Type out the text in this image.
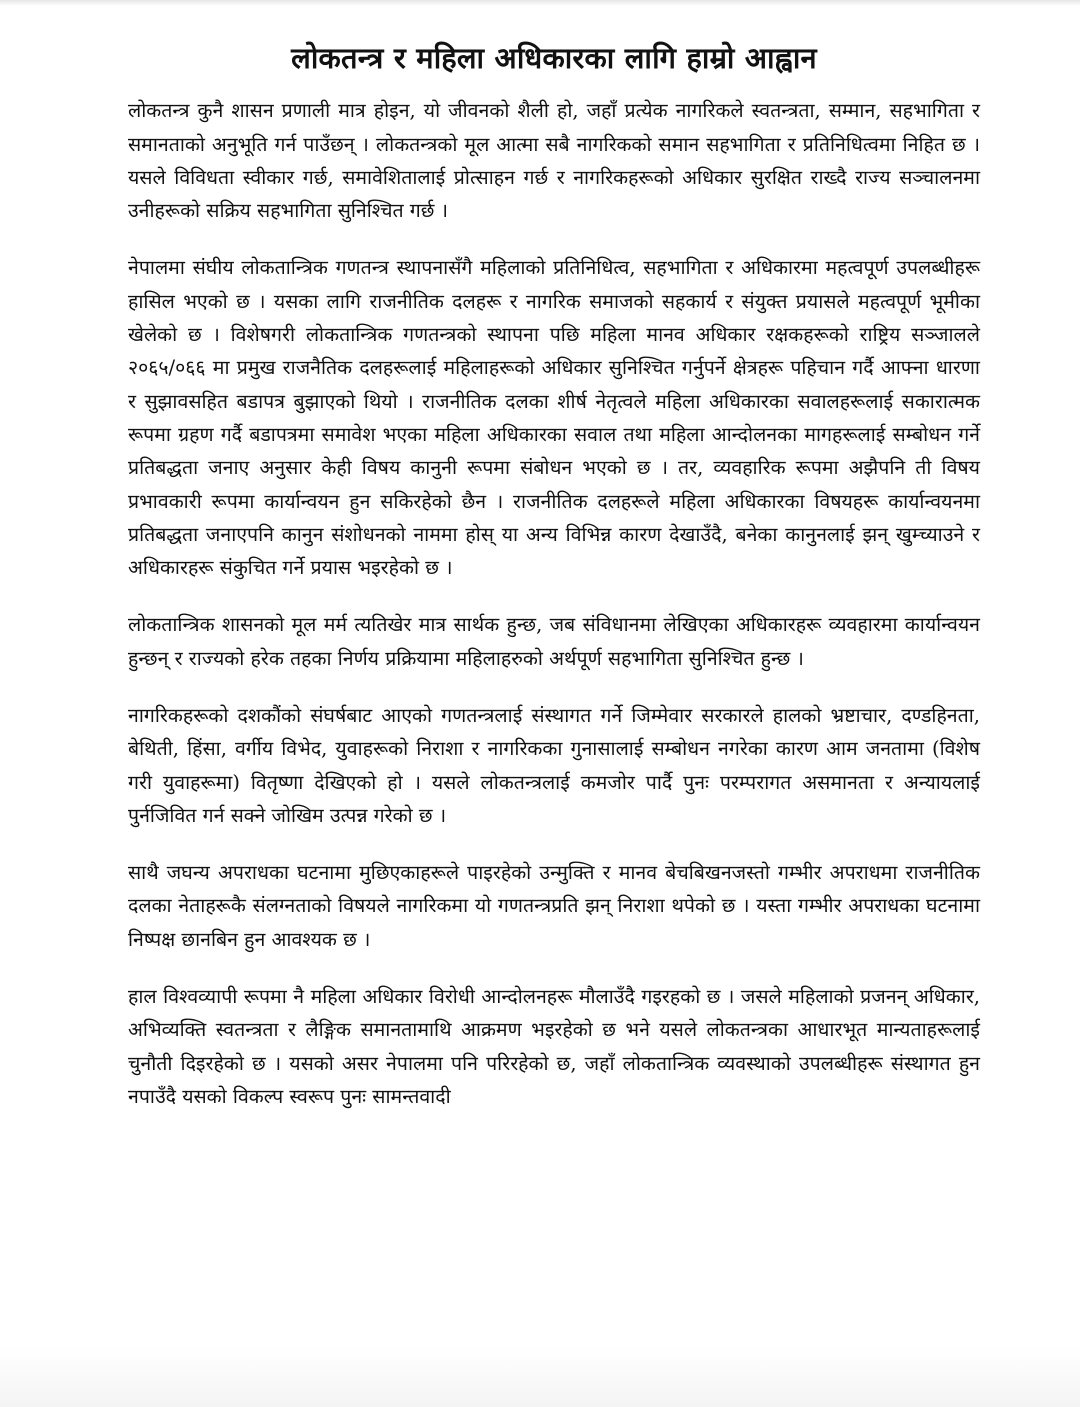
लोकतन्त्र र महिला अधिकारका लागि हाम्रो आह्वान

लोकतन्त्र कुनै शासन प्रणाली मात्र होइन, यो जीवनको शैली हो, जहाँ प्रत्येक नागरिकले स्वतन्त्रता, सम्मान, सहभागिता र समानताको अनुभूति गर्न पाउँछन् । लोकतन्त्रको मूल आत्मा सबै नागरिकको समान सहभागिता र प्रतिनिधित्वमा निहित छ । यसले विविधता स्वीकार गर्छ, समावेशितालाई प्रोत्साहन गर्छ र नागरिकहरूको अधिकार सुरक्षित राख्दै राज्य सञ्चालनमा उनीहरूको सक्रिय सहभागिता सुनिश्चित गर्छ ।

नेपालमा संघीय लोकतान्त्रिक गणतन्त्र स्थापनासँगै महिलाको प्रतिनिधित्व, सहभागिता र अधिकारमा महत्वपूर्ण उपलब्धीहरू हासिल भएको छ । यसका लागि राजनीतिक दलहरू र नागरिक समाजको सहकार्य र संयुक्त प्रयासले महत्वपूर्ण भूमीका खेलेको छ । विशेषगरी लोकतान्त्रिक गणतन्त्रको स्थापना पछि महिला मानव अधिकार रक्षकहरूको राष्ट्रिय सञ्जालले २०६५/०६६ मा प्रमुख राजनैतिक दलहरूलाई महिलाहरूको अधिकार सुनिश्चित गर्नुपर्ने क्षेत्रहरू पहिचान गर्दै आफ्ना धारणा र सुझावसहित बडापत्र बुझाएको थियो । राजनीतिक दलका शीर्ष नेतृत्वले महिला अधिकारका सवालहरूलाई सकारात्मक रूपमा ग्रहण गर्दै बडापत्रमा समावेश भएका महिला अधिकारका सवाल तथा महिला आन्दोलनका मागहरूलाई सम्बोधन गर्ने प्रतिबद्धता जनाए अनुसार केही विषय कानुनी रूपमा संबोधन भएको छ । तर, व्यवहारिक रूपमा अझैपनि ती विषय प्रभावकारी रूपमा कार्यान्वयन हुन सकिरहेको छैन । राजनीतिक दलहरूले महिला अधिकारका विषयहरू कार्यान्वयनमा प्रतिबद्धता जनाएपनि कानुन संशोधनको नाममा होस् या अन्य विभिन्न कारण देखाउँदै, बनेका कानुनलाई झन् खुम्च्याउने र अधिकारहरू संकुचित गर्ने प्रयास भइरहेको छ ।

लोकतान्त्रिक शासनको मूल मर्म त्यतिखेर मात्र सार्थक हुन्छ, जब संविधानमा लेखिएका अधिकारहरू व्यवहारमा कार्यान्वयन हुन्छन् र राज्यको हरेक तहका निर्णय प्रक्रियामा महिलाहरुको अर्थपूर्ण सहभागिता सुनिश्चित हुन्छ ।

नागरिकहरूको दशकौंको संघर्षबाट आएको गणतन्त्रलाई संस्थागत गर्ने जिम्मेवार सरकारले हालको भ्रष्टाचार, दण्डहिनता, बेथिती, हिंसा, वर्गीय विभेद, युवाहरूको निराशा र नागरिकका गुनासालाई सम्बोधन नगरेका कारण आम जनतामा (विशेष गरी युवाहरूमा) वितृष्णा देखिएको हो । यसले लोकतन्त्रलाई कमजोर पार्दै पुनः परम्परागत असमानता र अन्यायलाई पुर्नजिवित गर्न सक्ने जोखिम उत्पन्न गरेको छ ।

साथै जघन्य अपराधका घटनामा मुछिएकाहरूले पाइरहेको उन्मुक्ति र मानव बेचबिखनजस्तो गम्भीर अपराधमा राजनीतिक दलका नेताहरूकै संलग्नताको विषयले नागरिकमा यो गणतन्त्रप्रति झन् निराशा थपेको छ । यस्ता गम्भीर अपराधका घटनामा निष्पक्ष छानबिन हुन आवश्यक छ ।

हाल विश्वव्यापी रूपमा नै महिला अधिकार विरोधी आन्दोलनहरू मौलाउँदै गइरहको छ । जसले महिलाको प्रजनन् अधिकार, अभिव्यक्ति स्वतन्त्रता र लैङ्गिक समानतामाथि आक्रमण भइरहेको छ भने यसले लोकतन्त्रका आधारभूत मान्यताहरूलाई चुनौती दिइरहेको छ । यसको असर नेपालमा पनि परिरहेको छ, जहाँ लोकतान्त्रिक व्यवस्थाको उपलब्धीहरू संस्थागत हुन नपाउँदै यसको विकल्प स्वरूप पुनः सामन्तवादी
